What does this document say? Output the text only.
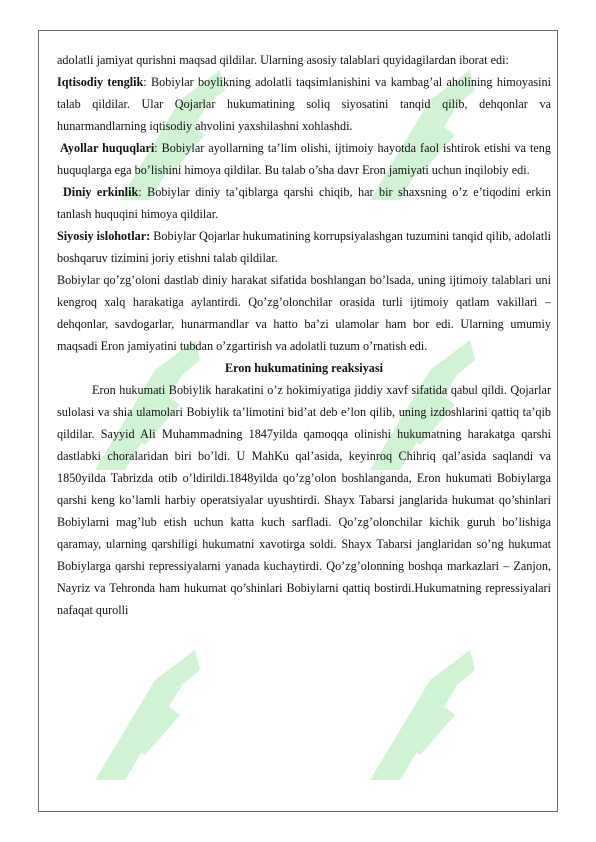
adolatli jamiyat qurishni maqsad qildilar. Ularning asosiy talablari quyidagilardan iborat edi:

Iqtisodiy tenglik: Bobiylar boylikning adolatli taqsimlanishini va kambag’al aholining himoyasini talab qildilar. Ular Qojarlar hukumatining soliq siyosatini tanqid qilib, dehqonlar va hunarmandlarning iqtisodiy ahvolini yaxshilashni xohlashdi.

Ayollar huquqlari: Bobiylar ayollarning ta’lim olishi, ijtimoiy hayotda faol ishtirok etishi va teng huquqlarga ega bo’lishini himoya qildilar. Bu talab o’sha davr Eron jamiyati uchun inqilobiy edi.

Diniy erkinlik: Bobiylar diniy ta’qiblarga qarshi chiqib, har bir shaxsning o’z e’tiqodini erkin tanlash huquqini himoya qildilar.

Siyosiy islohotlar: Bobiylar Qojarlar hukumatining korrupsiyalashgan tuzumini tanqid qilib, adolatli boshqaruv tizimini joriy etishni talab qildilar.

Bobiylar qo’zg’oloni dastlab diniy harakat sifatida boshlangan bo’lsada, uning ijtimoiy talablari uni kengroq xalq harakatiga aylantirdi. Qo’zg’olonchilar orasida turli ijtimoiy qatlam vakillari – dehqonlar, savdogarlar, hunarmandlar va hatto ba’zi ulamolar ham bor edi. Ularning umumiy maqsadi Eron jamiyatini tubdan o’zgartirish va adolatli tuzum o’rnatish edi.

Eron hukumatining reaksiyasi

Eron hukumati Bobiylik harakatini o’z hokimiyatiga jiddiy xavf sifatida qabul qildi. Qojarlar sulolasi va shia ulamolari Bobiylik ta’limotini bid’at deb e’lon qilib, uning izdoshlarini qattiq ta’qib qildilar. Sayyid Ali Muhammadning 1847yilda qamoqqa olinishi hukumatning harakatga qarshi dastlabki choralaridan biri bo’ldi. U MahKu qal’asida, keyinroq Chihriq qal’asida saqlandi va 1850yilda Tabrizda otib o’ldirildi.1848yilda qo’zg’olon boshlanganda, Eron hukumati Bobiylarga qarshi keng ko’lamli harbiy operatsiyalar uyushtirdi. Shayx Tabarsi janglarida hukumat qo’shinlari Bobiylarni mag’lub etish uchun katta kuch sarfladi. Qo’zg’olonchilar kichik guruh bo’lishiga qaramay, ularning qarshiligi hukumatni xavotirga soldi. Shayx Tabarsi janglaridan so’ng hukumat Bobiylarga qarshi repressiyalarni yanada kuchaytirdi. Qo’zg’olonning boshqa markazlari – Zanjon, Nayriz va Tehronda ham hukumat qo’shinlari Bobiylarni qattiq bostirdi.Hukumatning repressiyalari nafaqat qurolli
